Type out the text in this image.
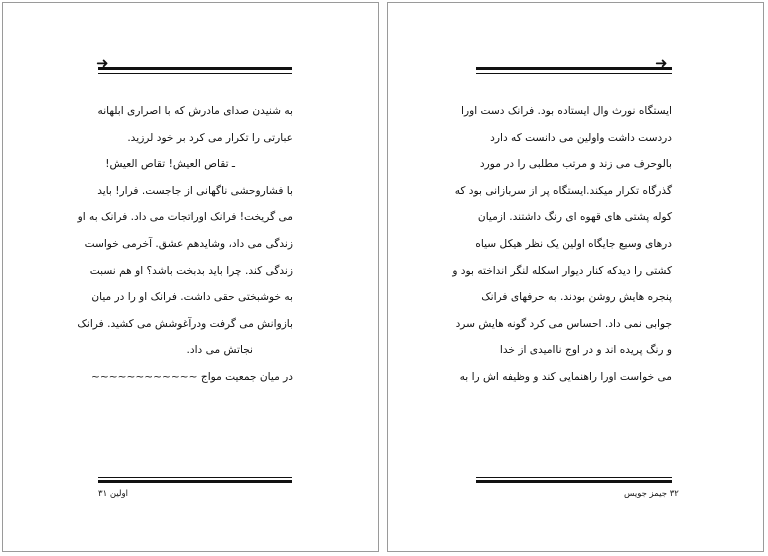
➜
به شنیدن صدای مادرش که با اصراری ابلهانه
عبارتی را تکرار می کرد بر خود لرزید.
ـ تقاص العیش! تقاص العیش!
با فشاروحشی ناگهانی از جاجست. فرار! باید
می گریخت! فرانک اوراتجات می داد. فرانک به او
زندگی می داد، وشایدهم عشق. آخرمی خواست
زندگی کند. چرا باید بدبخت باشد؟ او هم نسبت
به خوشبختی حقی داشت. فرانک او را در میان
بازوانش می گرفت ودرآغوشش می کشید. فرانک
نجاتش می داد.
در میان جمعیت مواج ~~~~~~~~~~~~
اولین ۳۱
➜
ایستگاه نورث وال ایستاده بود. فرانک دست اورا
دردست داشت واولین می دانست که دارد
بالوحرف می زند و مرتب مطلبی را در مورد
گذرگاه تکرار میکند.ایستگاه پر از سربازانی بود که
کوله پشتی های قهوه ای رنگ داشتند. ازمیان
درهای وسیع جایگاه اولین یک نظر هیکل سیاه
کشتی را دیدکه کنار دیوار اسکله لنگر انداخته بود و
پنجره هایش روشن بودند. به حرفهای فرانک
جوابی نمی داد. احساس می کرد گونه هایش سرد
و رنگ پریده اند و در اوج ناامیدی از خدا
می خواست اورا راهنمایی کند و وظیفه اش را به
۳۲ جیمز جویس
